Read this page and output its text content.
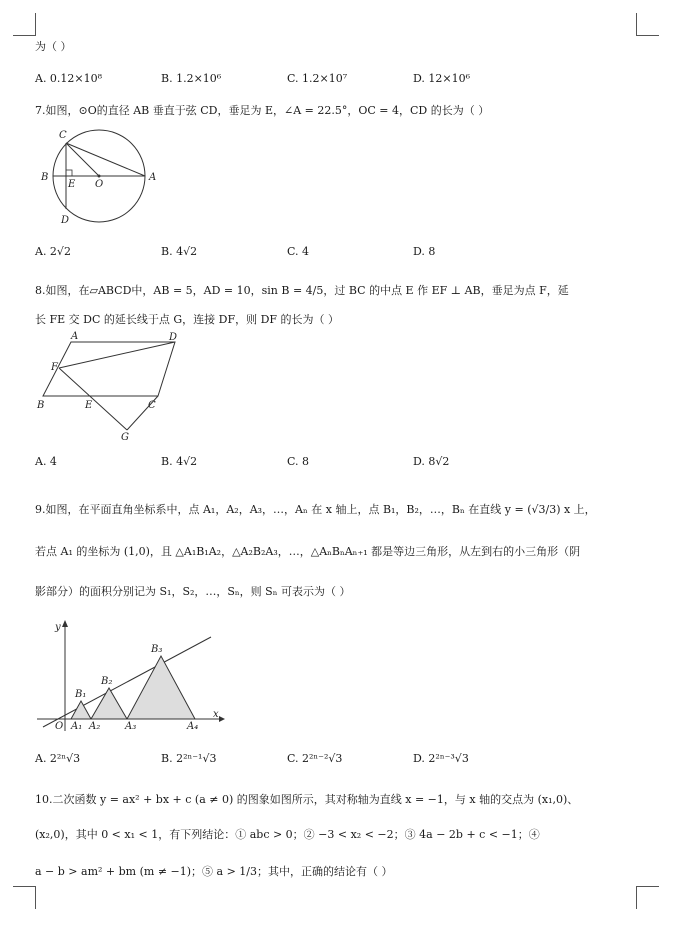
为（ ）
A. 0.12×10⁸	B. 1.2×10⁶	C. 1.2×10⁷	D. 12×10⁶
7.如图，⊙O的直径 AB 垂直于弦 CD，垂足为 E，∠A = 22.5°，OC = 4，CD 的长为（ ）
C
B
E O
A
D
A. 2√2	B. 4√2	C. 4	D. 8
8.如图，在▱ABCD中，AB = 5，AD = 10，sin B = 4/5，过 BC 的中点 E 作 EF ⊥ AB，垂足为点 F，延
长 FE 交 DC 的延长线于点 G，连接 DF，则 DF 的长为（ ）
A	D
F
B	E	C
G
A. 4	B. 4√2	C. 8	D. 8√2
9.如图，在平面直角坐标系中，点 A₁，A₂，A₃，…，Aₙ 在 x 轴上，点 B₁，B₂，…，Bₙ 在直线 y = (√3/3) x 上，
若点 A₁ 的坐标为 (1,0)，且 △A₁B₁A₂，△A₂B₂A₃，…，△AₙBₙAₙ₊₁ 都是等边三角形，从左到右的小三角形（阴
影部分）的面积分别记为 S₁，S₂，…，Sₙ，则 Sₙ 可表示为（ ）
y
x
O A₁ A₂ A₃	A₄
B₁
B₂
B₃
A. 2²ⁿ√3	B. 2²ⁿ⁻¹√3	C. 2²ⁿ⁻²√3	D. 2²ⁿ⁻³√3
10.二次函数 y = ax² + bx + c (a ≠ 0) 的图象如图所示，其对称轴为直线 x = −1，与 x 轴的交点为 (x₁,0)、
(x₂,0)，其中 0 < x₁ < 1，有下列结论：① abc > 0；② −3 < x₂ < −2；③ 4a − 2b + c < −1；④
a − b > am² + bm (m ≠ −1)；⑤ a > 1/3；其中，正确的结论有（ ）
